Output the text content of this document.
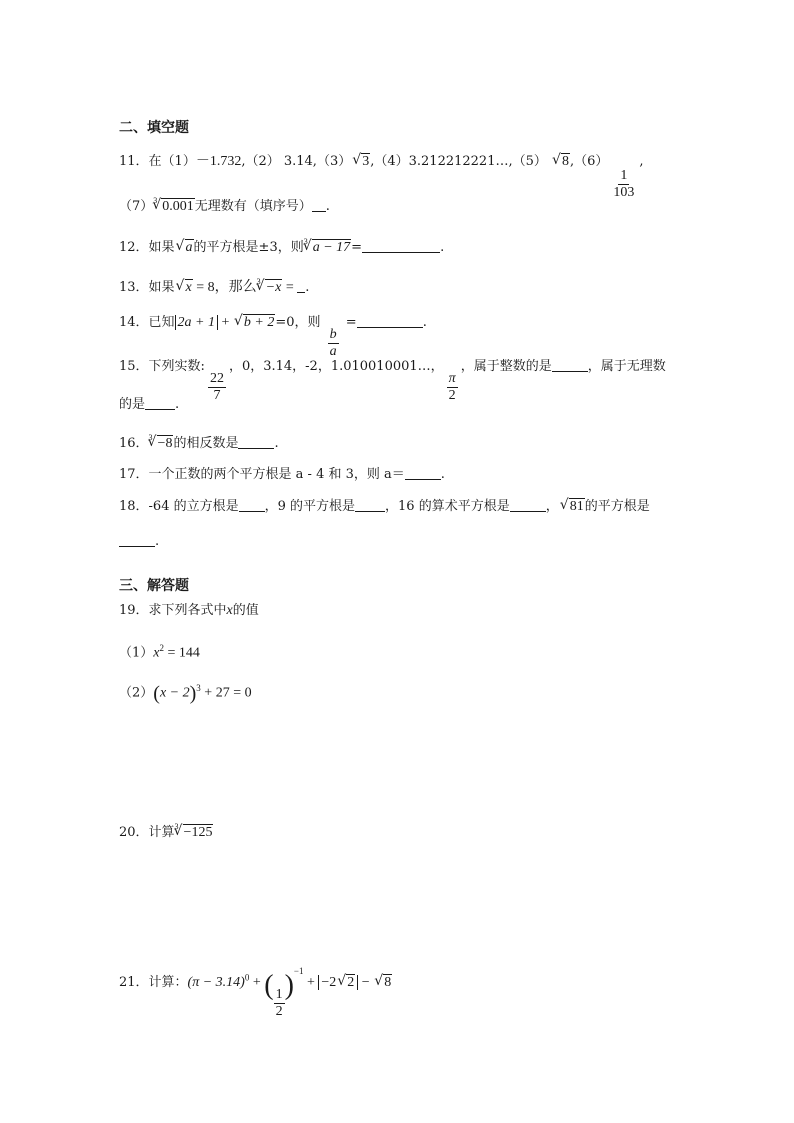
二、填空题
11．在（1）－1.732,（2） 3.14,（3）√ 3,（4）3.212212221…,（5） √ 8,（6）
$\frac{1}{103}$
,
$(7)^3√$ 0.001无理数有（填序号） .
12．如果√ a的平方根是±3，则$^3$√ a − 17=	.
13．如果√ x = 8，那么$^3$√ −x = .
14．已知 2a + 1 + √ b + 2=0，则
$\frac{b}{a}$
=	.
15．下列实数:
$\frac{22}{7}$
，0，3.14，-2，1.010010001…，
$\frac{\pi}{2}$
，属于整数的是	，属于无理数
的是 .
16．$^3$√ −8的相反数是	.
17．一个正数的两个平方根是 a - 4 和 3，则 a＝	.
18．-64 的立方根是 ，9 的平方根是 ，16 的算术平方根是	，√ 81的平方根是
.
三、解答题
19．求下列各式中x的值
$(1)x^2 = 144$
$(2)(x - 2)^3 + 27 = 0$
20．计算$^3$√ −125
21．计算：$(\pi - 3.14)^0$ + (
$\frac{1}{2}$
)$^{-1}$ + −2√ 2 − √ 8
